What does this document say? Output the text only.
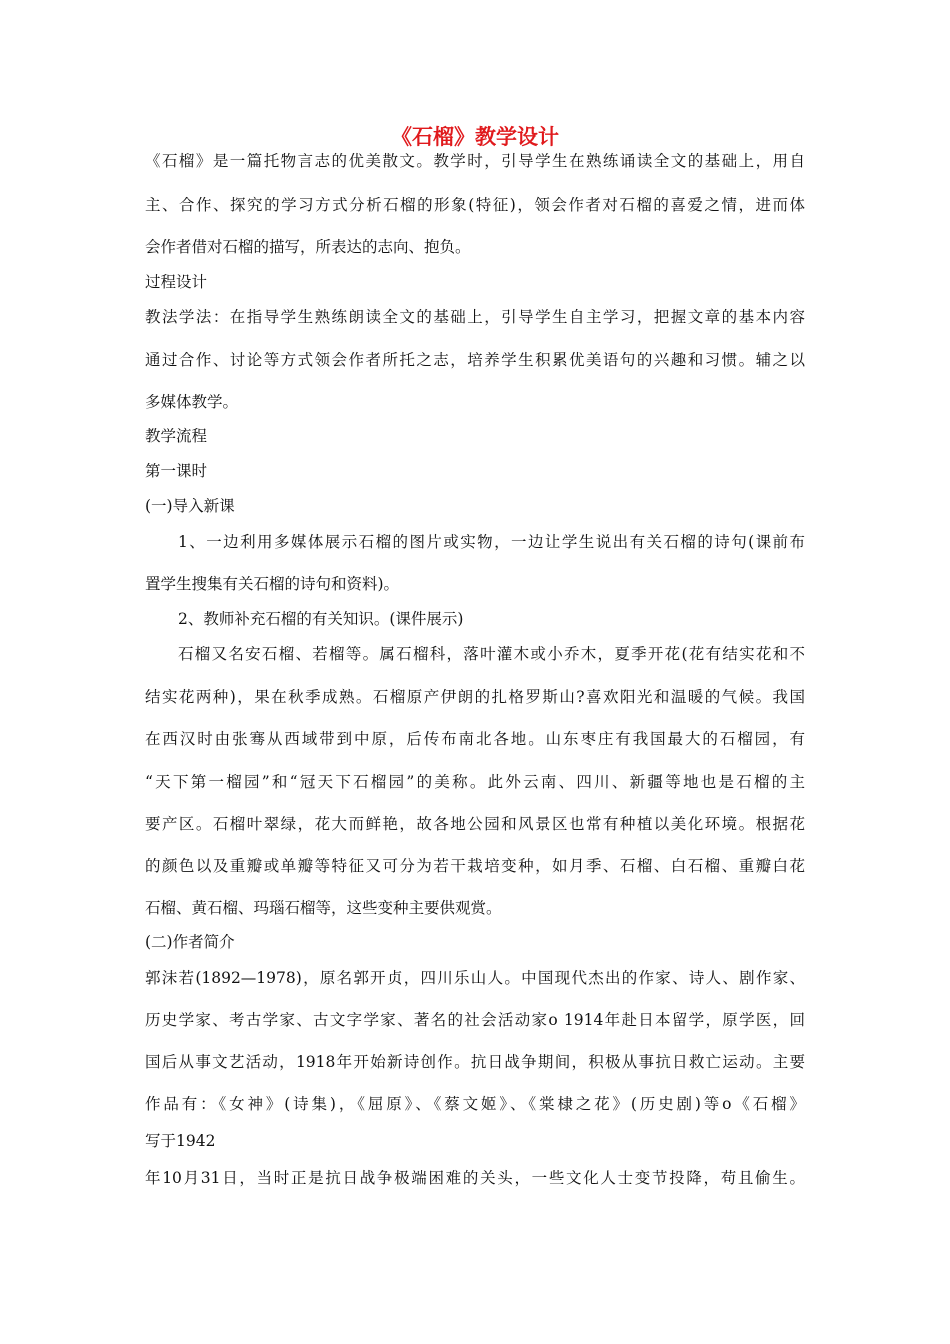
《石榴》教学设计
《石榴》是一篇托物言志的优美散文。教学时，引导学生在熟练诵读全文的基础上，用自
主、合作、探究的学习方式分析石榴的形象(特征)，领会作者对石榴的喜爱之情，进而体
会作者借对石榴的描写，所表达的志向、抱负。
过程设计
教法学法：在指导学生熟练朗读全文的基础上，引导学生自主学习，把握文章的基本内容
通过合作、讨论等方式领会作者所托之志，培养学生积累优美语句的兴趣和习惯。辅之以
多媒体教学。
教学流程
第一课时
(一)导入新课
1、一边利用多媒体展示石榴的图片或实物，一边让学生说出有关石榴的诗句(课前布
置学生搜集有关石榴的诗句和资料)。
2、教师补充石榴的有关知识。(课件展示)
石榴又名安石榴、若榴等。属石榴科，落叶灌木或小乔木，夏季开花(花有结实花和不
结实花两种)，果在秋季成熟。石榴原产伊朗的扎格罗斯山?喜欢阳光和温暖的气候。我国
在西汉时由张骞从西域带到中原，后传布南北各地。山东枣庄有我国最大的石榴园，有
“天下第一榴园”和“冠天下石榴园”的美称。此外云南、四川、新疆等地也是石榴的主
要产区。石榴叶翠绿，花大而鲜艳，故各地公园和风景区也常有种植以美化环境。根据花
的颜色以及重瓣或单瓣等特征又可分为若干栽培变种，如月季、石榴、白石榴、重瓣白花
石榴、黄石榴、玛瑙石榴等，这些变种主要供观赏。
(二)作者简介
郭沫若(1892—1978)，原名郭开贞，四川乐山人。中国现代杰出的作家、诗人、剧作家、
历史学家、考古学家、古文字学家、著名的社会活动家ο 1914年赴日本留学，原学医，回
国后从事文艺活动，1918年开始新诗创作。抗日战争期间，积极从事抗日救亡运动。主要
作品有：《女神》(诗集)，《屈原》、《蔡文姬》、《棠棣之花》(历史剧)等ο《石榴》
写于1942
年10月31日，当时正是抗日战争极端困难的关头，一些文化人士变节投降，苟且偷生。
